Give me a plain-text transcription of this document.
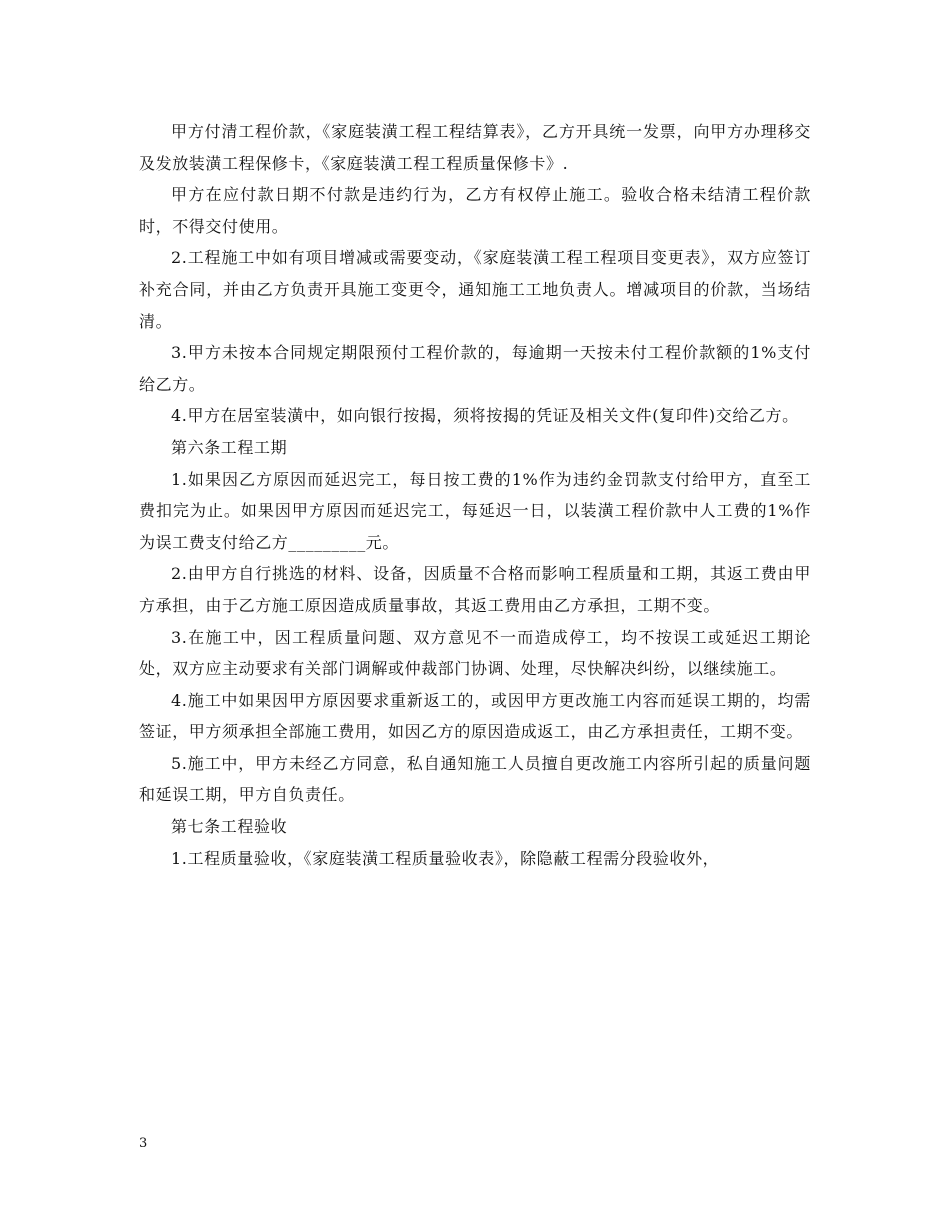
甲方付清工程价款，《家庭装潢工程工程结算表》，乙方开具统一发票，向甲方办理移交及发放装潢工程保修卡，《家庭装潢工程工程质量保修卡》.

甲方在应付款日期不付款是违约行为，乙方有权停止施工。验收合格未结清工程价款时，不得交付使用。

2.工程施工中如有项目增减或需要变动，《家庭装潢工程工程项目变更表》，双方应签订补充合同，并由乙方负责开具施工变更令，通知施工工地负责人。增减项目的价款，当场结清。

3.甲方未按本合同规定期限预付工程价款的，每逾期一天按未付工程价款额的1%支付给乙方。

4.甲方在居室装潢中，如向银行按揭，须将按揭的凭证及相关文件(复印件)交给乙方。

第六条工程工期

1.如果因乙方原因而延迟完工，每日按工费的1%作为违约金罚款支付给甲方，直至工费扣完为止。如果因甲方原因而延迟完工，每延迟一日，以装潢工程价款中人工费的1%作为误工费支付给乙方_________元。

2.由甲方自行挑选的材料、设备，因质量不合格而影响工程质量和工期，其返工费由甲方承担，由于乙方施工原因造成质量事故，其返工费用由乙方承担，工期不变。

3.在施工中，因工程质量问题、双方意见不一而造成停工，均不按误工或延迟工期论处，双方应主动要求有关部门调解或仲裁部门协调、处理，尽快解决纠纷，以继续施工。

4.施工中如果因甲方原因要求重新返工的，或因甲方更改施工内容而延误工期的，均需签证，甲方须承担全部施工费用，如因乙方的原因造成返工，由乙方承担责任，工期不变。

5.施工中，甲方未经乙方同意，私自通知施工人员擅自更改施工内容所引起的质量问题和延误工期，甲方自负责任。

第七条工程验收

1.工程质量验收，《家庭装潢工程质量验收表》，除隐蔽工程需分段验收外，

3
